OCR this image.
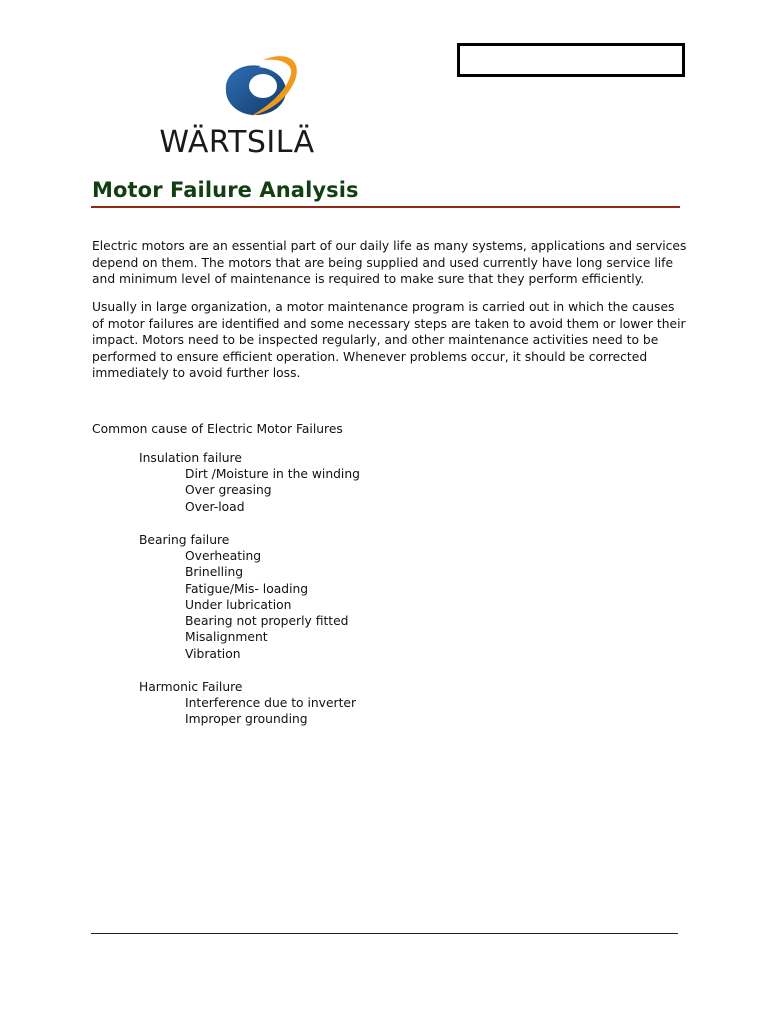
WÄRTSILÄ
Motor Failure Analysis

Electric motors are an essential part of our daily life as many systems, applications and services depend on them. The motors that are being supplied and used currently have long service life and minimum level of maintenance is required to make sure that they perform efficiently.

Usually in large organization, a motor maintenance program is carried out in which the causes of motor failures are identified and some necessary steps are taken to avoid them or lower their impact. Motors need to be inspected regularly, and other maintenance activities need to be performed to ensure efficient operation. Whenever problems occur, it should be corrected immediately to avoid further loss.

Common cause of Electric Motor Failures
Insulation failure
Dirt /Moisture in the winding
Over greasing
Over-load
Bearing failure
Overheating
Brinelling
Fatigue/Mis- loading
Under lubrication
Bearing not properly fitted
Misalignment
Vibration
Harmonic Failure
Interference due to inverter
Improper grounding
